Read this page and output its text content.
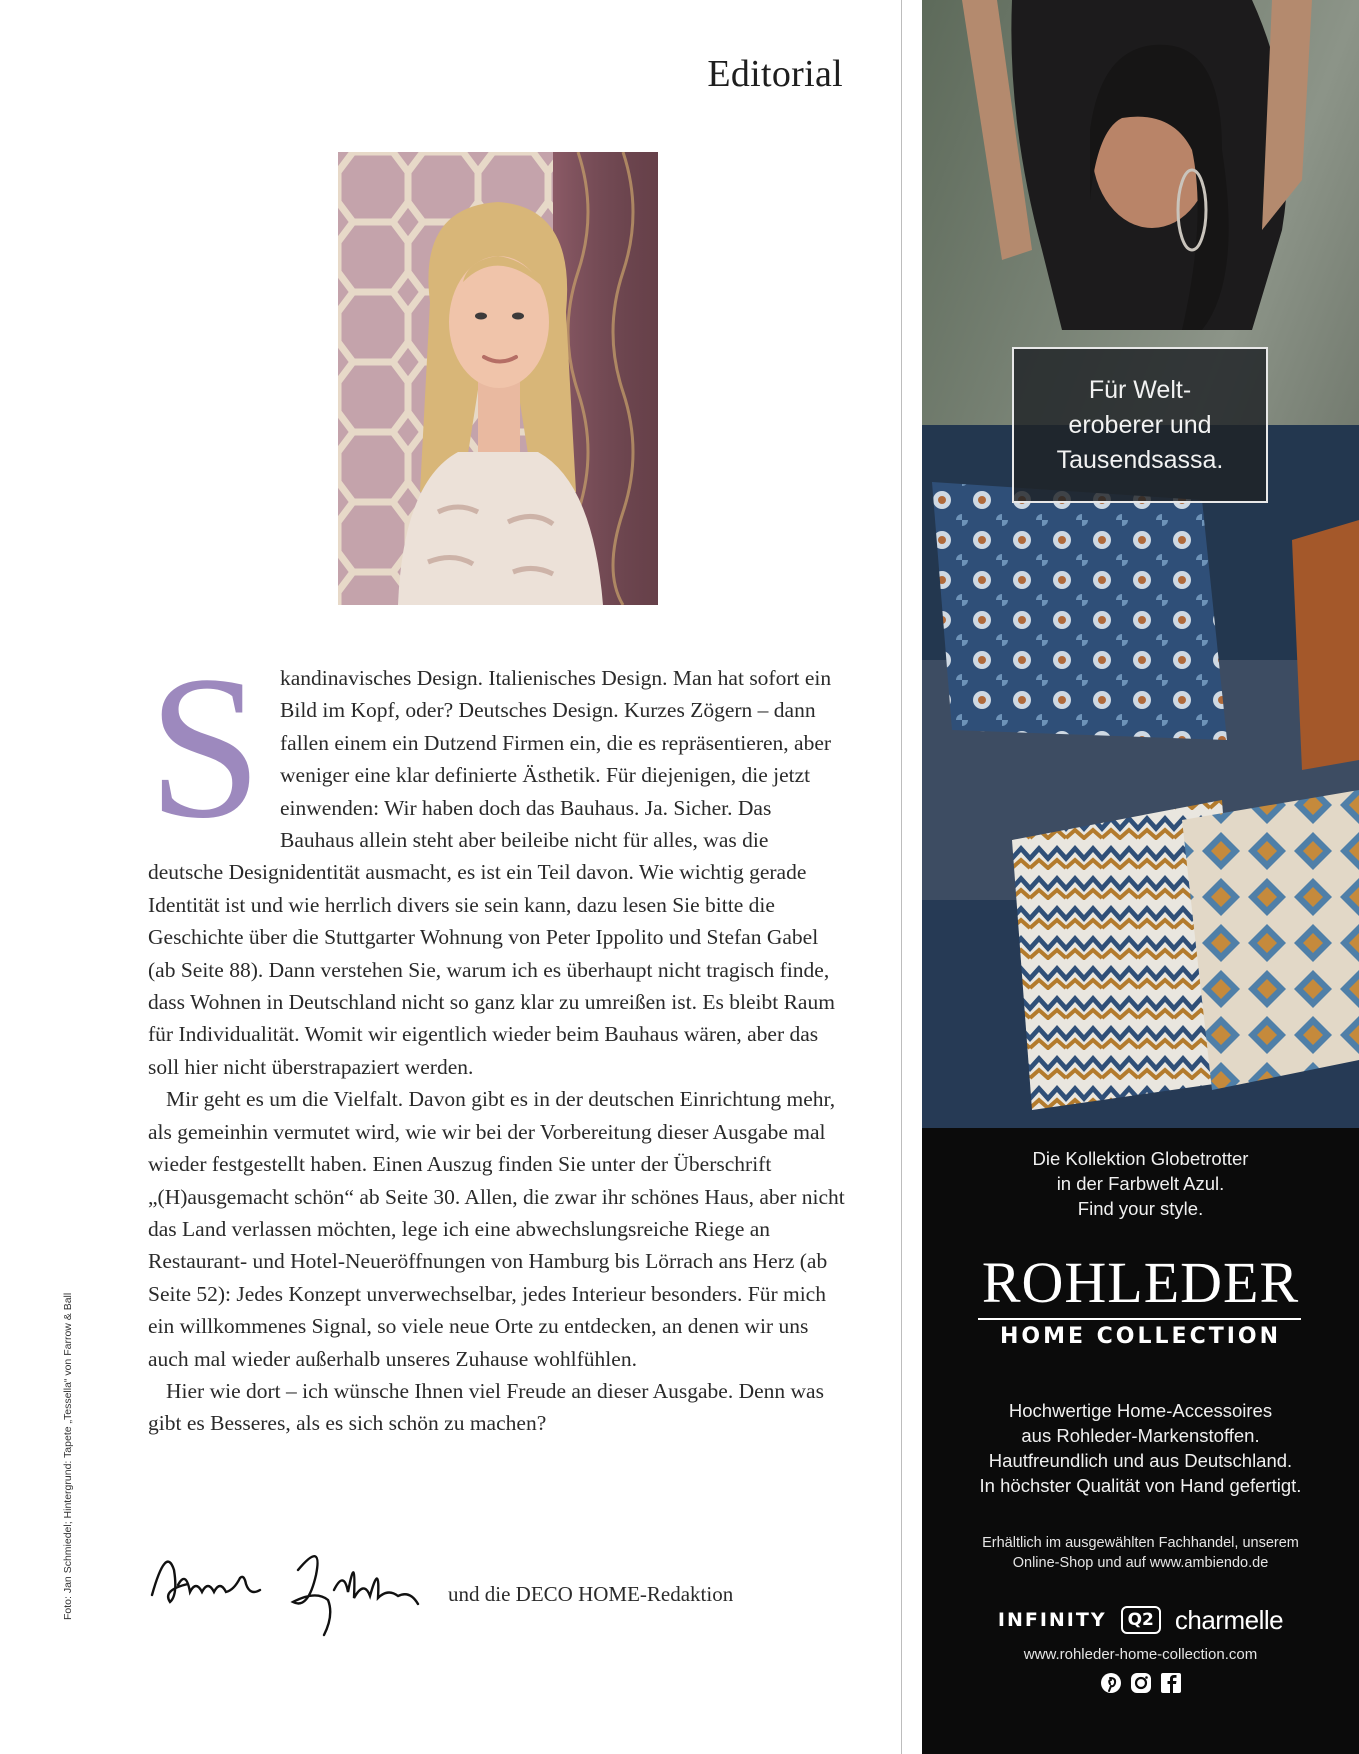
Editorial

Skandinavisches Design. Italienisches Design. Man hat sofort ein Bild im Kopf, oder? Deutsches Design. Kurzes Zögern – dann fallen einem ein Dutzend Firmen ein, die es repräsentieren, aber weniger eine klar definierte Ästhetik. Für diejenigen, die jetzt einwenden: Wir haben doch das Bauhaus. Ja. Sicher. Das Bauhaus allein steht aber beileibe nicht für alles, was die deutsche Designidentität ausmacht, es ist ein Teil davon. Wie wichtig gerade Identität ist und wie herrlich divers sie sein kann, dazu lesen Sie bitte die Geschichte über die Stuttgarter Wohnung von Peter Ippolito und Stefan Gabel (ab Seite 88). Dann verstehen Sie, warum ich es überhaupt nicht tragisch finde, dass Wohnen in Deutschland nicht so ganz klar zu umreißen ist. Es bleibt Raum für Individualität. Womit wir eigentlich wieder beim Bauhaus wären, aber das soll hier nicht überstrapaziert werden.

Mir geht es um die Vielfalt. Davon gibt es in der deutschen Einrichtung mehr, als gemeinhin vermutet wird, wie wir bei der Vorbereitung dieser Ausgabe mal wieder festgestellt haben. Einen Auszug finden Sie unter der Überschrift „(H)ausgemacht schön“ ab Seite 30. Allen, die zwar ihr schönes Haus, aber nicht das Land verlassen möchten, lege ich eine abwechslungsreiche Riege an Restaurant- und Hotel-Neueröffnungen von Hamburg bis Lörrach ans Herz (ab Seite 52): Jedes Konzept unverwechselbar, jedes Interieur besonders. Für mich ein willkommenes Signal, so viele neue Orte zu entdecken, an denen wir uns auch mal wieder außerhalb unseres Zuhause wohlfühlen.

Hier wie dort – ich wünsche Ihnen viel Freude an dieser Ausgabe. Denn was gibt es Besseres, als es sich schön zu machen?

und die DECO HOME-Redaktion
Foto: Jan Schmiedel; Hintergrund: Tapete „Tessella“ von Farrow & Ball
Für Welt-
eroberer und
Tausendsassa.
Die Kollektion Globetrotter
in der Farbwelt Azul.
Find your style.
ROHLEDER
HOME COLLECTION
Hochwertige Home-Accessoires
aus Rohleder-Markenstoffen.
Hautfreundlich und aus Deutschland.
In höchster Qualität von Hand gefertigt.
Erhältlich im ausgewählten Fachhandel, unserem
Online-Shop und auf www.ambiendo.de
INFINITY	Q2 charmelle
www.rohleder-home-collection.com
